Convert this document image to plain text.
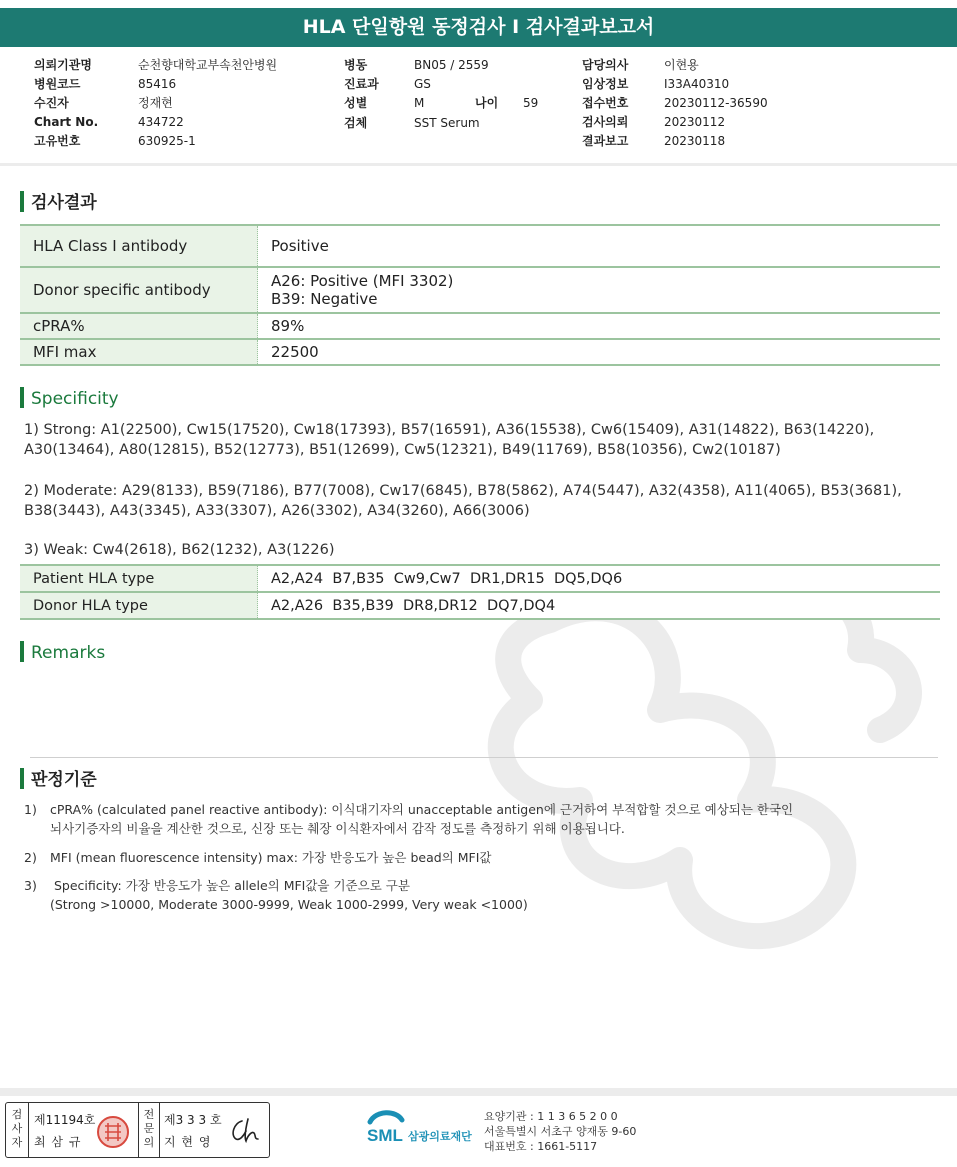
HLA 단일항원 동정검사 I 검사결과보고서
의뢰기관명	순천향대학교부속천안병원
병원코드	85416
수진자	정재현
Chart No.	434722
고유번호	630925-1
병동	BN05 / 2559
진료과	GS
성별	M	나이	59
검체	SST Serum
담당의사	이현용
임상정보	I33A40310
접수번호	20230112-36590
검사의뢰	20230112
결과보고	20230118
검사결과
HLA Class I antibody	Positive
Donor specific antibody	A26: Positive (MFI 3302)
B39: Negative

cPRA%	89%
MFI max	22500
Specificity
1) Strong: A1(22500), Cw15(17520), Cw18(17393), B57(16591), A36(15538), Cw6(15409), A31(14822), B63(14220), A30(13464), A80(12815), B52(12773), B51(12699), Cw5(12321), B49(11769), B58(10356), Cw2(10187)
2) Moderate: A29(8133), B59(7186), B77(7008), Cw17(6845), B78(5862), A74(5447), A32(4358), A11(4065), B53(3681), B38(3443), A43(3345), A33(3307), A26(3302), A34(3260), A66(3006)
3) Weak: Cw4(2618), B62(1232), A3(1226)
Patient HLA type	A2,A24  B7,B35  Cw9,Cw7  DR1,DR15  DQ5,DQ6
Donor HLA type	A2,A26  B35,B39  DR8,DR12  DQ7,DQ4
Remarks
판정기준
1) cPRA% (calculated panel reactive antibody): 이식대기자의 unacceptable antigen에 근거하여 부적합할 것으로 예상되는 한국인
뇌사기증자의 비율을 계산한 것으로, 신장 또는 췌장 이식환자에서 감작 정도를 측정하기 위해 이용됩니다.
2) MFI (mean fluorescence intensity) max: 가장 반응도가 높은 bead의 MFI값
3) Specificity: 가장 반응도가 높은 allele의 MFI값을 기준으로 구분
(Strong >10000, Moderate 3000-9999, Weak 1000-2999, Very weak <1000)
검
사
자
제11194호
최 삼 규
전
문
의
제3 3 3 호
지 현 영	SML 삼광의료재단
요양기관 : 1 1 3 6 5 2 0 0
서울특별시 서초구 양재동 9-60
대표번호 : 1661-5117
